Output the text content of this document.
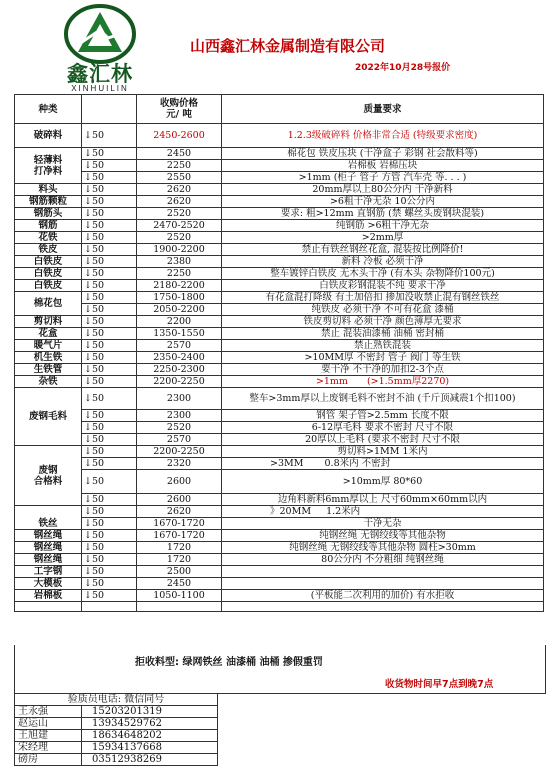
鑫汇林
XINHUILIN
山西鑫汇林金属制造有限公司
2022年10月28号报价
种类		收购价格
元/ 吨	质量要求
破碎料	↓50	2450-2600	1.2.3级破碎料 价格非常合适 (特级要求密度)
轻薄料
打净料	↓50	2450	棉花包 铁皮压块 (干净盒子 彩钢 社会散料等)
	↓50	2250	岩棉板 岩棉压块
	↓50	2550	>1mm (柜子 管子 方管 汽车壳 等. . . )
料头	↓50	2620	20mm厚以上80公分内 干净新料
钢筋颗粒	↓50	2620	>6粗干净无杂 10公分内
钢筋头	↓50	2520	要求: 粗>12mm 直钢筋 (禁 螺丝头废钢块混装)
钢筋	↓50	2470-2520	纯钢筋 >6粗干净无杂
花铁	↓50	2520	>2mm厚
铁皮	↓50	1900-2200	禁止有铁丝钢丝花盒, 混装按比例降价!
白铁皮	↓50	2380	新料 冷板 必须干净
白铁皮	↓50	2250	整车镀锌白铁皮 无木头干净 (有木头 杂物降价100元)
白铁皮	↓50	2180-2200	白铁皮彩钢混装不纯 要求干净
棉花包	↓50	1750-1800	有花盒混打降级 有土加倍扣 掺加没收禁止混有钢丝铁丝
	↓50	2050-2200	纯铁皮 必须干净 不可有花盒 漆桶
剪切料	↓50	2200	铁皮剪切料 必须干净 颜色薄厚无要求
花盒	↓50	1350-1550	禁止 混装油漆桶 油桶 密封桶
暖气片	↓50	2570	禁止熟铁混装
机生铁	↓50	2350-2400	>10MM厚 不密封 管子 阀门 等生铁
生铁管	↓50	2250-2300	要干净 不干净的加扣2-3个点
杂铁	↓50	2200-2250	>1mm (>1.5mm厚2270)
废钢毛料	↓50	2300	整车>3mm厚以上废钢毛料不密封不油 (千斤顶减震1个扣100)
	↓50	2300	钢管 架子管>2.5mm 长度不限
	↓50	2520	6-12厚毛料 要求不密封 尺寸不限
	↓50	2570	20厚以上毛料 (要求不密封 尺寸不限
废钢
合格料	↓50	2200-2250	剪切料>1MM 1米内
	↓50	2320	>3MM 0.8米内 不密封
	↓50	2600	>10mm厚 80*60
	↓50	2600	边角料新料6mm厚以上 尺寸60mm×60mm以内
铁丝	↓50	2620	》20MM 1.2米内
	↓50	1670-1720	干净无杂
钢丝绳	↓50	1670-1720	纯钢丝绳 无钢绞线等其他杂物
钢丝绳	↓50	1720	纯钢丝绳 无钢绞线等其他杂物 圆柱>30mm
钢丝绳	↓50	1720	80公分内 不分粗细 纯钢丝绳
工字钢	↓50	2500	
大模板	↓50	2450	
岩棉板	↓50	1050-1100	(平板能二次利用的加价) 有水拒收

拒收料型: 绿网铁丝 油漆桶 油桶 掺假重罚
收货物时间早7点到晚7点
验质员电话: 微信同号	
王永强	15203201319
赵运山	13934529762
王旭建	18634648202
宋经理	15934137668
磅房	03512938269
